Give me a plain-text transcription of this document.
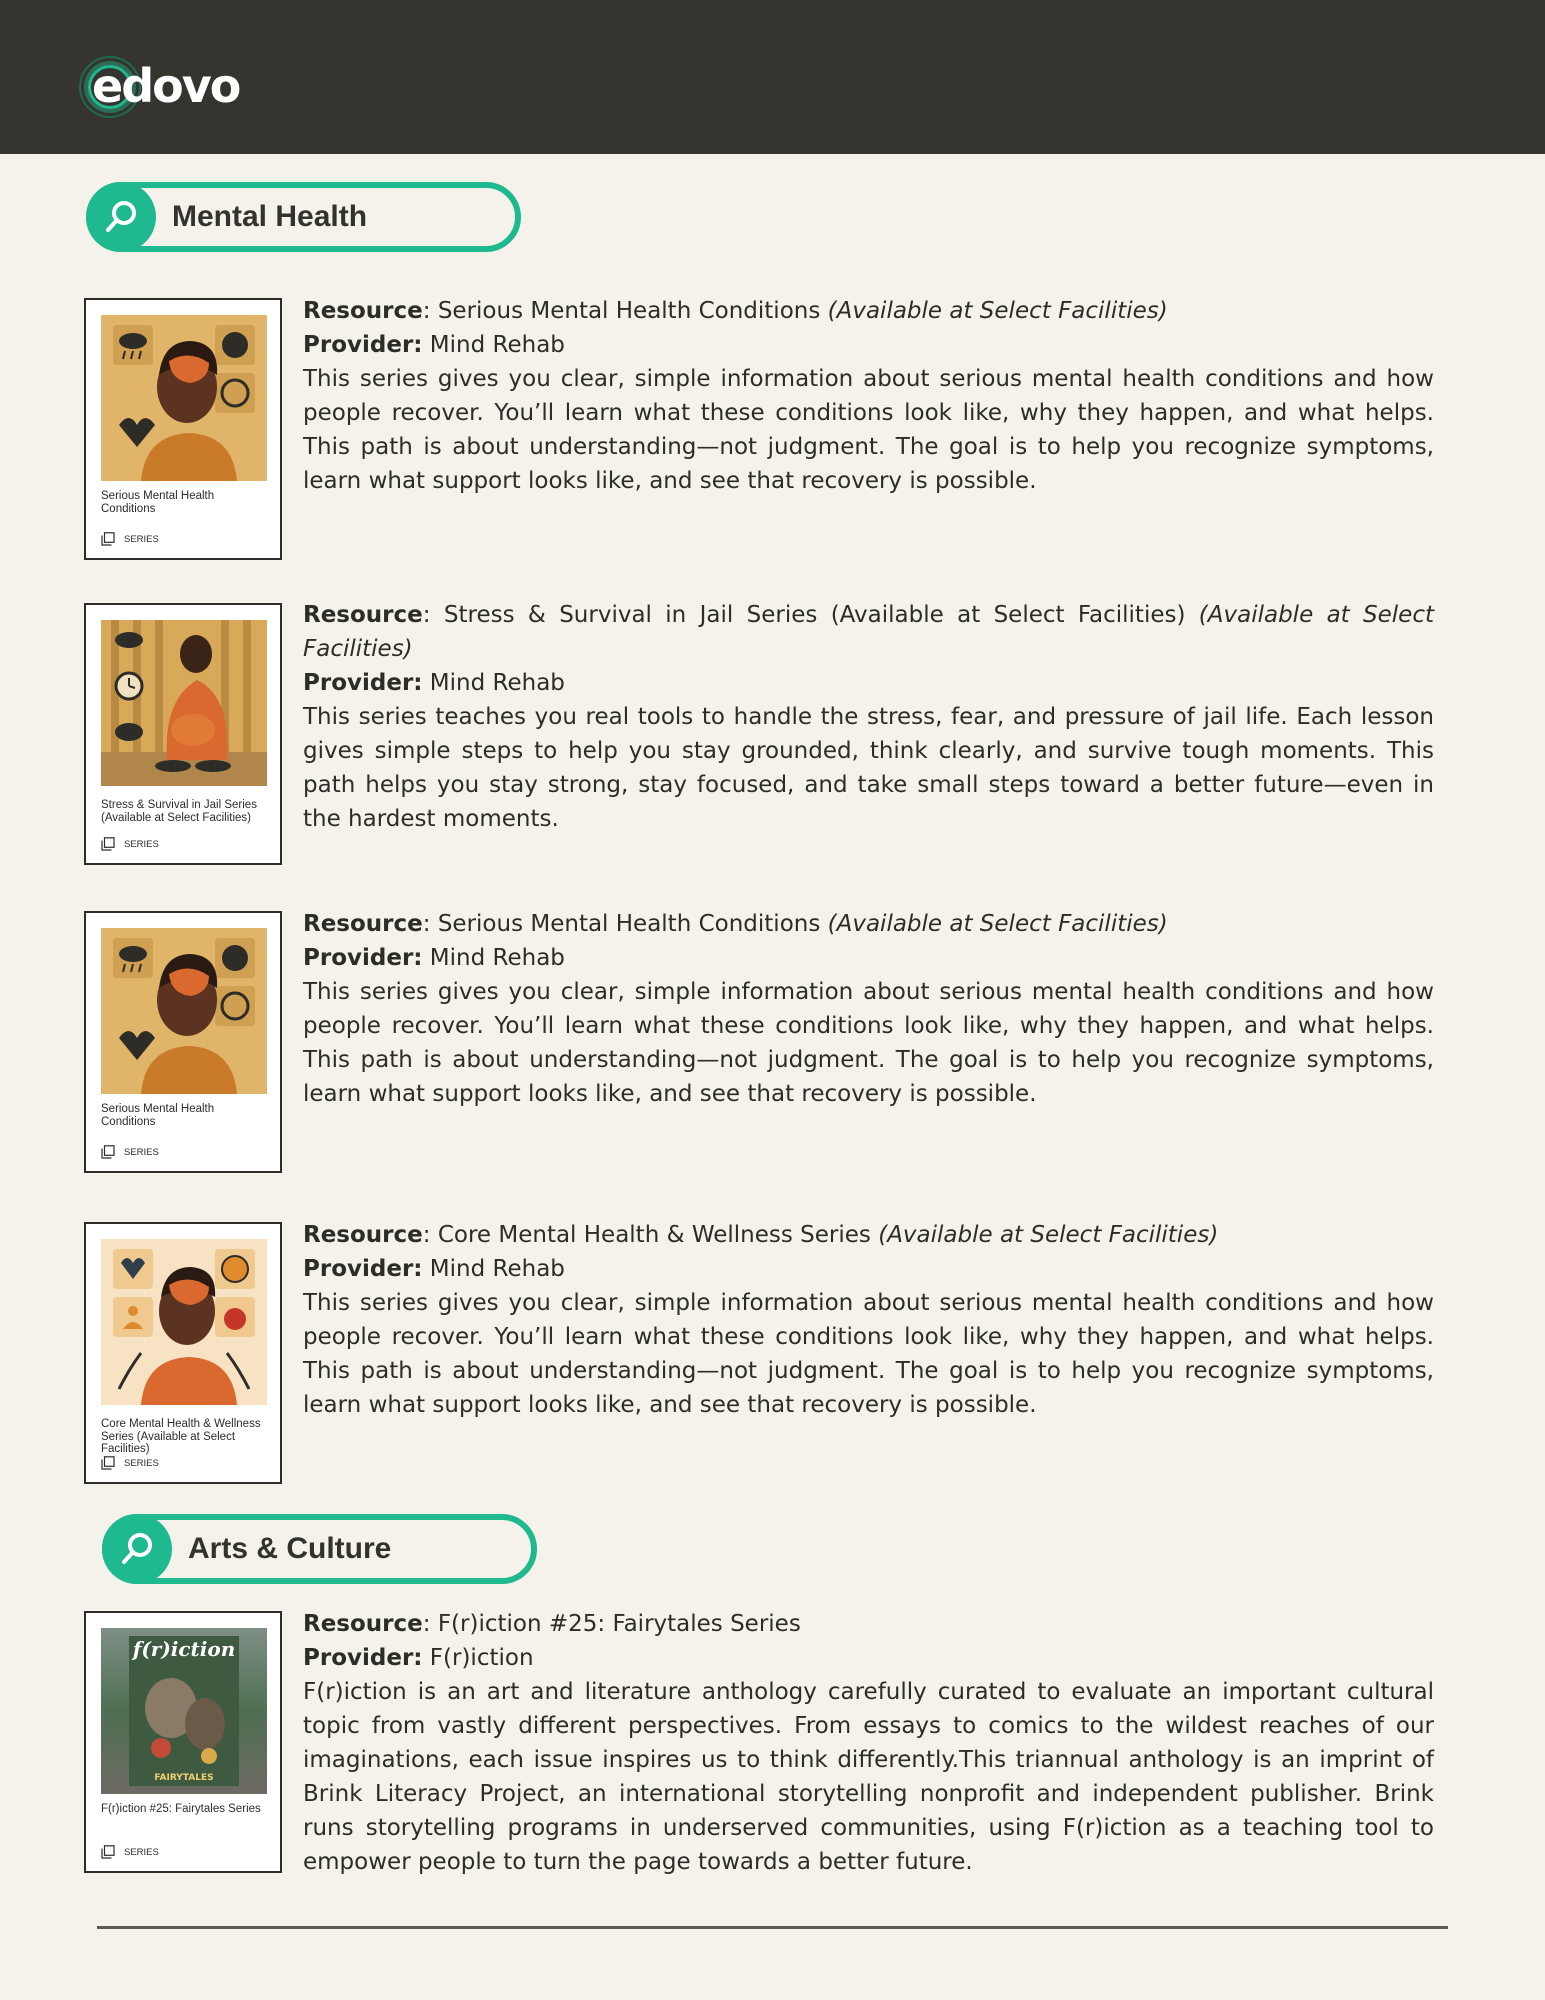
edovo
Mental Health
Serious Mental Health Conditions
SERIES

Resource: Serious Mental Health Conditions (Available at Select Facilities)

Provider: Mind Rehab

This series gives you clear, simple information about serious mental health conditions and how people recover. You’ll learn what these conditions look like, why they happen, and what helps. This path is about understanding—not judgment. The goal is to help you recognize symptoms, learn what support looks like, and see that recovery is possible.

Stress & Survival in Jail Series (Available at Select Facilities)
SERIES

Resource: Stress & Survival in Jail Series (Available at Select Facilities) (Available at Select Facilities)

Provider: Mind Rehab

This series teaches you real tools to handle the stress, fear, and pressure of jail life. Each lesson gives simple steps to help you stay grounded, think clearly, and survive tough moments. This path helps you stay strong, stay focused, and take small steps toward a better future—even in the hardest moments.

Serious Mental Health Conditions
SERIES

Resource: Serious Mental Health Conditions (Available at Select Facilities)

Provider: Mind Rehab

This series gives you clear, simple information about serious mental health conditions and how people recover. You’ll learn what these conditions look like, why they happen, and what helps. This path is about understanding—not judgment. The goal is to help you recognize symptoms, learn what support looks like, and see that recovery is possible.

Core Mental Health & Wellness Series (Available at Select Facilities)
SERIES

Resource: Core Mental Health & Wellness Series (Available at Select Facilities)

Provider: Mind Rehab

This series gives you clear, simple information about serious mental health conditions and how people recover. You’ll learn what these conditions look like, why they happen, and what helps. This path is about understanding—not judgment. The goal is to help you recognize symptoms, learn what support looks like, and see that recovery is possible.

Arts & Culture
f(r)iction
FAIRYTALES
F(r)iction #25: Fairytales Series
SERIES

Resource: F(r)iction #25: Fairytales Series

Provider: F(r)iction

F(r)iction is an art and literature anthology carefully curated to evaluate an important cultural topic from vastly different perspectives. From essays to comics to the wildest reaches of our imaginations, each issue inspires us to think differently.This triannual anthology is an imprint of Brink Literacy Project, an international storytelling nonprofit and independent publisher. Brink runs storytelling programs in underserved communities, using F(r)iction as a teaching tool to empower people to turn the page towards a better future.
